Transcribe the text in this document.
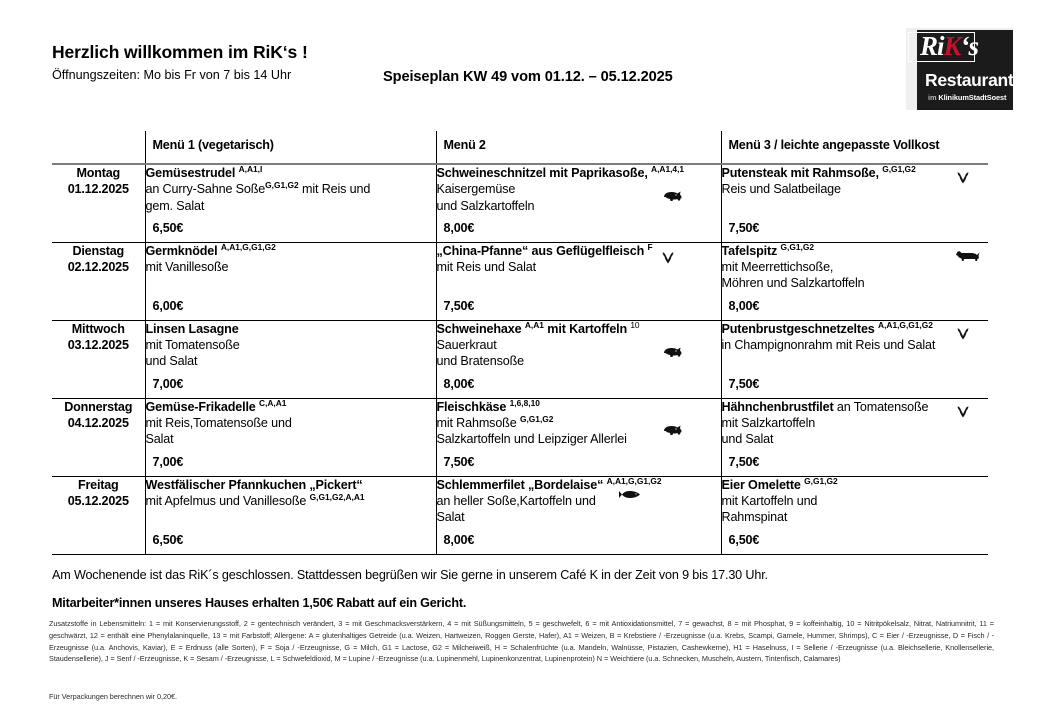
Herzlich willkommen im RiK‘s !
Öffnungszeiten: Mo bis Fr von 7 bis 14 Uhr	Speiseplan KW 49 vom 01.12. – 05.12.2025
RiK‘s
Restaurant
im KlinikumStadtSoest
	Menü 1 (vegetarisch)	Menü 2	Menü 3 / leichte angepasste Vollkost

Montag
01.12.2025

Gemüsestrudel $^{A,A1,I}$
an Curry-Sahne Soße$^{G,G1,G2}$ mit Reis und
gem. Salat
6,50€

Schweineschnitzel mit Paprikasoße, $^{A,A1,4,1}$
Kaisergemüse
und Salzkartoffeln
8,00€

Putensteak mit Rahmsoße, $^{G,G1,G2}$
Reis und Salatbeilage
7,50€

Dienstag
02.12.2025

Germknödel $^{A,A1,G,G1,G2}$
mit Vanillesoße
6,00€

„China-Pfanne“ aus Geflügelfleisch $^F$
mit Reis und Salat
7,50€

Tafelspitz $^{G,G1,G2}$
mit Meerrettichsoße,
Möhren und Salzkartoffeln
8,00€

Mittwoch
03.12.2025

Linsen Lasagne
mit Tomatensoße
und Salat
7,00€

Schweinehaxe $^{A,A1}$ mit Kartoffeln $^{10}$
Sauerkraut
und Bratensoße
8,00€

Putenbrustgeschnetzeltes $^{A,A1,G,G1,G2}$
in Champignonrahm mit Reis und Salat
7,50€

Donnerstag
04.12.2025

Gemüse-Frikadelle $^{C,A,A1}$
mit Reis,Tomatensoße und
Salat
7,00€

Fleischkäse $^{1,6,8,10}$
mit Rahmsoße $^{G,G1,G2}$
Salzkartoffeln und Leipziger Allerlei
7,50€

Hähnchenbrustfilet an Tomatensoße
mit Salzkartoffeln
und Salat
7,50€

Freitag
05.12.2025

Westfälischer Pfannkuchen „Pickert“
mit Apfelmus und Vanillesoße $^{G,G1,G2,A,A1}$
6,50€

Schlemmerfilet „Bordelaise“ $^{A,A1,G,G1,G2}$
an heller Soße,Kartoffeln und
Salat
8,00€

Eier Omelette $^{G,G1,G2}$
mit Kartoffeln und
Rahmspinat
6,50€
Am Wochenende ist das RiK´s geschlossen. Stattdessen begrüßen wir Sie gerne in unserem Café K in der Zeit von 9 bis 17.30 Uhr.
Mitarbeiter*innen unseres Hauses erhalten 1,50€ Rabatt auf ein Gericht.
Zusatzstoffe in Lebensmitteln: 1 = mit Konservierungsstoff, 2 = gentechnisch verändert, 3 = mit Geschmacksverstärkern, 4 = mit Süßungsmitteln, 5 = geschwefelt, 6 = mit Antioxidationsmittel, 7 = gewachst, 8 = mit Phosphat, 9 = koffeinhaltig, 10 = Nitritpökelsalz, Nitrat, Natriumnitrit, 11 = geschwärzt, 12 = enthält eine Phenylalaninquelle, 13 = mit Farbstoff; Allergene: A = glutenhaltiges Getreide (u.a. Weizen, Hartweizen, Roggen Gerste, Hafer), A1 = Weizen, B = Krebstiere / -Erzeugnisse (u.a. Krebs, Scampi, Garnele, Hummer, Shrimps), C = Eier / -Erzeugnisse, D = Fisch / -Erzeugnisse (u.a. Anchovis, Kaviar), E = Erdnuss (alle Sorten), F = Soja / -Erzeugnisse, G = Milch, G1 = Lactose, G2 = Milcheiweiß, H = Schalenfrüchte (u.a. Mandeln, Walnüsse, Pistazien, Cashewkerne), H1 = Haselnuss, I = Sellerie / -Erzeugnisse (u.a. Bleichsellerie, Knollensellerie, Staudensellerie), J = Senf / -Erzeugnisse, K = Sesam / -Erzeugnisse, L = Schwefeldioxid, M = Lupine / -Erzeugnisse (u.a. Lupinenmehl, Lupinenkonzentrat, Lupinenprotein) N = Weichtiere (u.a. Schnecken, Muscheln, Austern, Tintenfisch, Calamares)
Für Verpackungen berechnen wir 0,20€.
